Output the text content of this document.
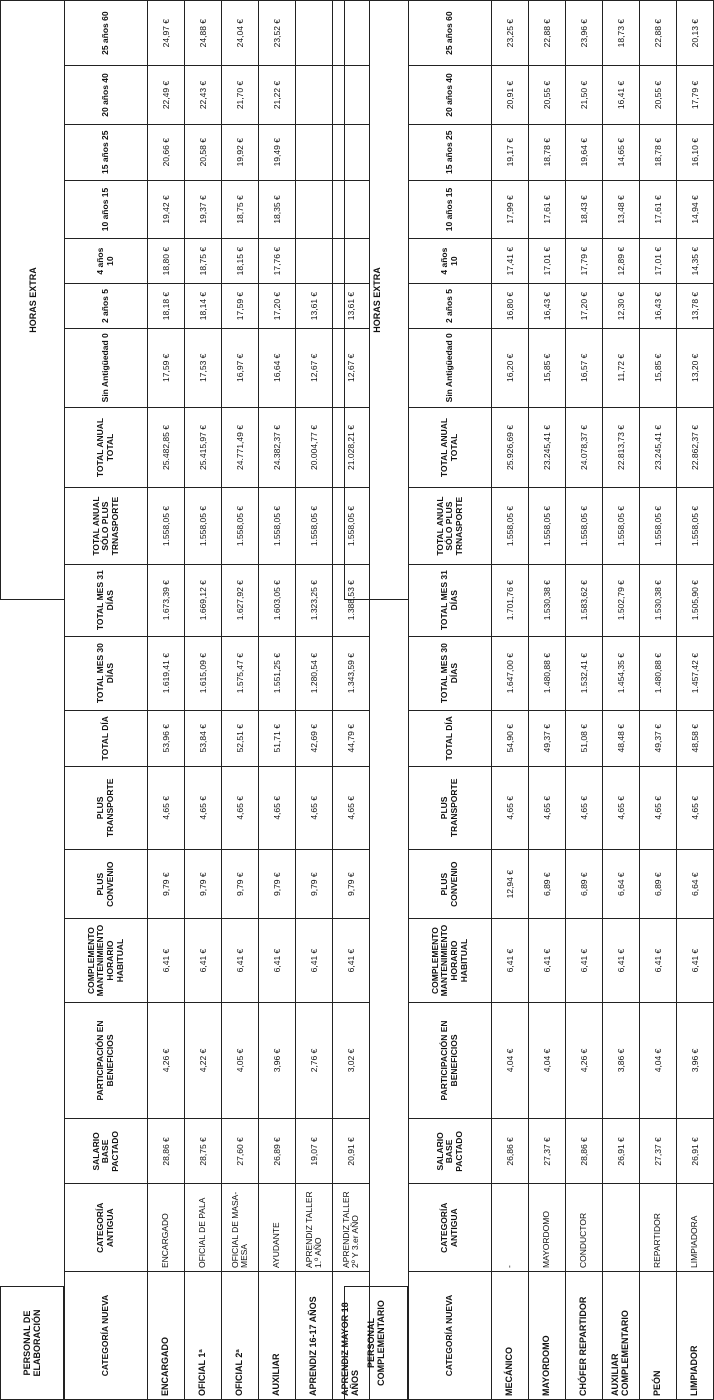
PERSONAL DE ELABORACIÓN
HORAS EXTRA
CATEGORÍA NUEVA	CATEGORÍA ANTIGUA	SALARIO BASE PACTADO	PARTICIPACIÓN EN BENEFICIOS	COMPLEMENTO MANTENIMIENTO HORARIO HABITUAL	PLUS CONVENIO	PLUS TRANSPORTE	TOTAL DÍA	TOTAL MES 30 DÍAS	TOTAL MES 31 DÍAS	TOTAL ANUAL SÓLO PLUS TRNASPORTE	TOTAL ANUAL TOTAL	Sin Antigüedad 0	2 años 5	4 años 10	10 años 15	15 años 25	20 años 40	25 años 60
ENCARGADO	ENCARGADO	28,86 €	4,26 €	6,41 €	9,79 €	4,65 €	53,96 €	1.619,41 €	1.673,39 €	1.558,05 €	25.482,85 €	17,59 €	18,18 €	18,80 €	19,42 €	20,66 €	22,49 €	24,97 €
OFICIAL 1ª	OFICIAL DE PALA	28,75 €	4,22 €	6,41 €	9,79 €	4,65 €	53,84 €	1.615,09 €	1.669,12 €	1.558,05 €	25.415,97 €	17,53 €	18,14 €	18,75 €	19,37 €	20,58 €	22,43 €	24,88 €
OFICIAL 2ª	OFICIAL DE MASA- MESA	27,60 €	4,05 €	6,41 €	9,79 €	4,65 €	52,51 €	1.575,47 €	1.627,92 €	1.558,05 €	24.771,49 €	16,97 €	17,59 €	18,15 €	18,75 €	19,92 €	21,70 €	24,04 €
AUXILIAR	AYUDANTE	26,89 €	3,96 €	6,41 €	9,79 €	4,65 €	51,71 €	1.551,25 €	1.603,05 €	1.558,05 €	24.382,37 €	16,64 €	17,20 €	17,76 €	18,35 €	19,49 €	21,22 €	23,52 €
APRENDIZ 16-17 AÑOS	APRENDIZ TALLER 1.º AÑO	19,07 €	2,76 €	6,41 €	9,79 €	4,65 €	42,69 €	1.280,54 €	1.323,25 €	1.558,05 €	20.004,77 €	12,67 €	13,61 €					
APRENDIZ MAYOR 18 AÑOS	APRENDIZ TALLER 2º Y 3.er AÑO	20,91 €	3,02 €	6,41 €	9,79 €	4,65 €	44,79 €	1.343,59 €	1.388,53 €	1.558,05 €	21.028,21 €	12,67 €	13,61 €					
PERSONAL COMPLEMENTARIO
HORAS EXTRA
CATEGORÍA NUEVA	CATEGORÍA ANTIGUA	SALARIO BASE PACTADO	PARTICIPACIÓN EN BENEFICIOS	COMPLEMENTO MANTENIMIENTO HORARIO HABITUAL	PLUS CONVENIO	PLUS TRANSPORTE	TOTAL DÍA	TOTAL MES 30 DÍAS	TOTAL MES 31 DÍAS	TOTAL ANUAL SÓLO PLUS TRNASPORTE	TOTAL ANUAL TOTAL	Sin Antigüedad 0	2 años 5	4 años 10	10 años 15	15 años 25	20 años 40	25 años 60
MECÁNICO	-	26,86 €	4,04 €	6,41 €	12,94 €	4,65 €	54,90 €	1.647,00 €	1.701,76 €	1.558,05 €	25.926,69 €	16,20 €	16,80 €	17,41 €	17,99 €	19,17 €	20,91 €	23,25 €
MAYORDOMO	MAYORDOMO	27,37 €	4,04 €	6,41 €	6,89 €	4,65 €	49,37 €	1.480,88 €	1.530,38 €	1.558,05 €	23.245,41 €	15,85 €	16,43 €	17,01 €	17,61 €	18,78 €	20,55 €	22,88 €
CHÓFER REPARTIDOR	CONDUCTOR	28,86 €	4,26 €	6,41 €	6,89 €	4,65 €	51,08 €	1.532,41 €	1.583,62 €	1.558,05 €	24.078,37 €	16,57 €	17,20 €	17,79 €	18,43 €	19,64 €	21,50 €	23,96 €
AUXILIAR COMPLEMENTARIO		26,91 €	3,86 €	6,41 €	6,64 €	4,65 €	48,48 €	1.454,35 €	1.502,79 €	1.558,05 €	22.813,73 €	11,72 €	12,30 €	12,89 €	13,48 €	14,65 €	16,41 €	18,73 €
PEÓN	REPARTIDOR	27,37 €	4,04 €	6,41 €	6,89 €	4,65 €	49,37 €	1.480,88 €	1.530,38 €	1.558,05 €	23.245,41 €	15,85 €	16,43 €	17,01 €	17,61 €	18,78 €	20,55 €	22,88 €
LIMPIADOR	LIMPIADORA	26,91 €	3,96 €	6,41 €	6,64 €	4,65 €	48,58 €	1.457,42 €	1.505,90 €	1.558,05 €	22.862,37 €	13,20 €	13,78 €	14,35 €	14,94 €	16,10 €	17,79 €	20,13 €
